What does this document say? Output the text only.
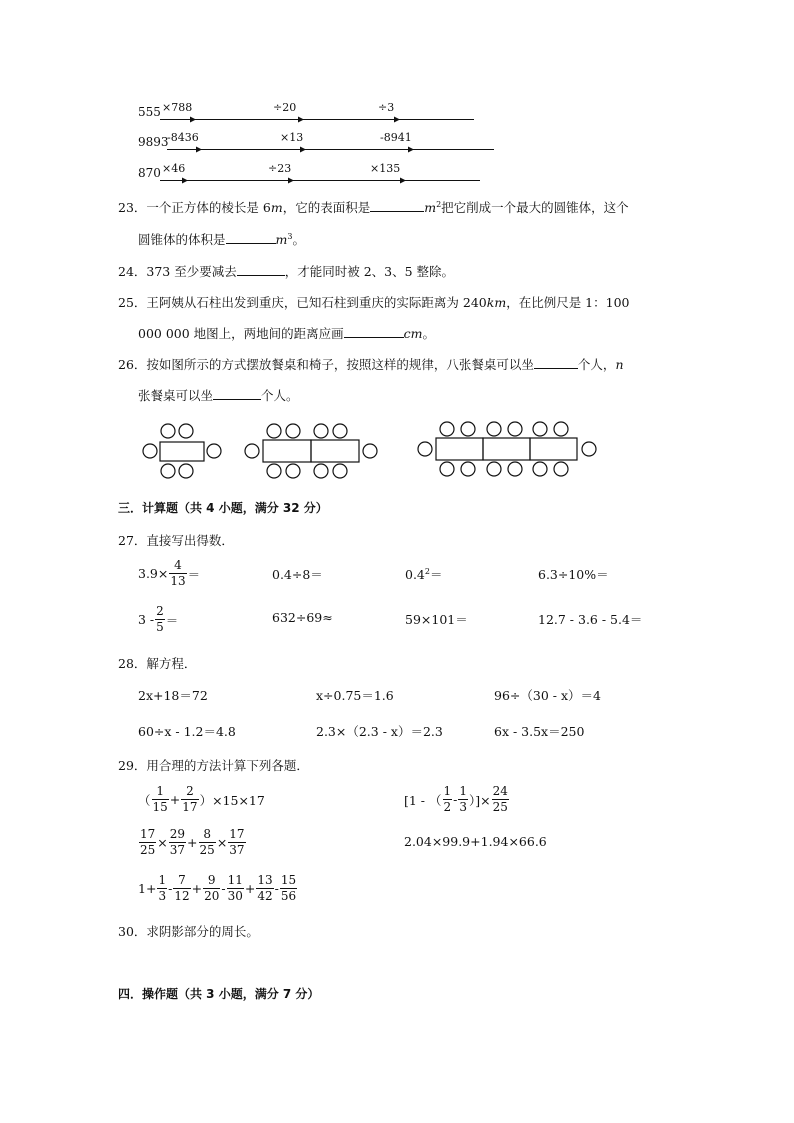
555 ×788	÷20	÷3
9893
-8436	×13	-8941
870 ×46	÷23	×135
23．一个正方体的棱长是 6m，它的表面积是	$m^2$把它削成一个最大的圆锥体，这个
圆锥体的体积是	$m^3$。
24．373 至少要减去	，才能同时被 2、3、5 整除。
25．王阿姨从石柱出发到重庆，已知石柱到重庆的实际距离为 240km，在比例尺是 1：100
000 000 地图上，两地间的距离应画	cm。
26．按如图所示的方式摆放餐桌和椅子，按照这样的规律，八张餐桌可以坐	个人，n
张餐桌可以坐	个人。
三．计算题（共 4 小题，满分 32 分）
27．直接写出得数．
$3.9\times \frac{4}{13}$ ＝	0.4÷8＝	$0.4^2=$	6.3÷10%＝
$3 - \frac{2}{5}$ ＝	632÷69≈	59×101＝	12.7 - 3.6 - 5.4＝
28．解方程．
2x+18＝72	x÷0.75＝1.6	96÷（30 - x）＝4
60÷x - 1.2＝4.8	2.3×（2.3 - x）＝2.3	6x - 3.5x＝250
29．用合理的方法计算下列各题．
（ $\frac{1}{15} + \frac{2}{17} )\times 15\times 17$	[1 - （ $\frac{1}{2} - \frac{1}{3}$ ）]× $\frac{24}{25}$
$\frac{17}{25} \times \frac{29}{37} + \frac{8}{25} \times \frac{17}{37}$	2.04×99.9+1.94×66.6
$1+ \frac{1}{3} - \frac{7}{12} + \frac{9}{20} - \frac{11}{30} + \frac{13}{42} - \frac{15}{56}$
30．求阴影部分的周长。
四．操作题（共 3 小题，满分 7 分）
